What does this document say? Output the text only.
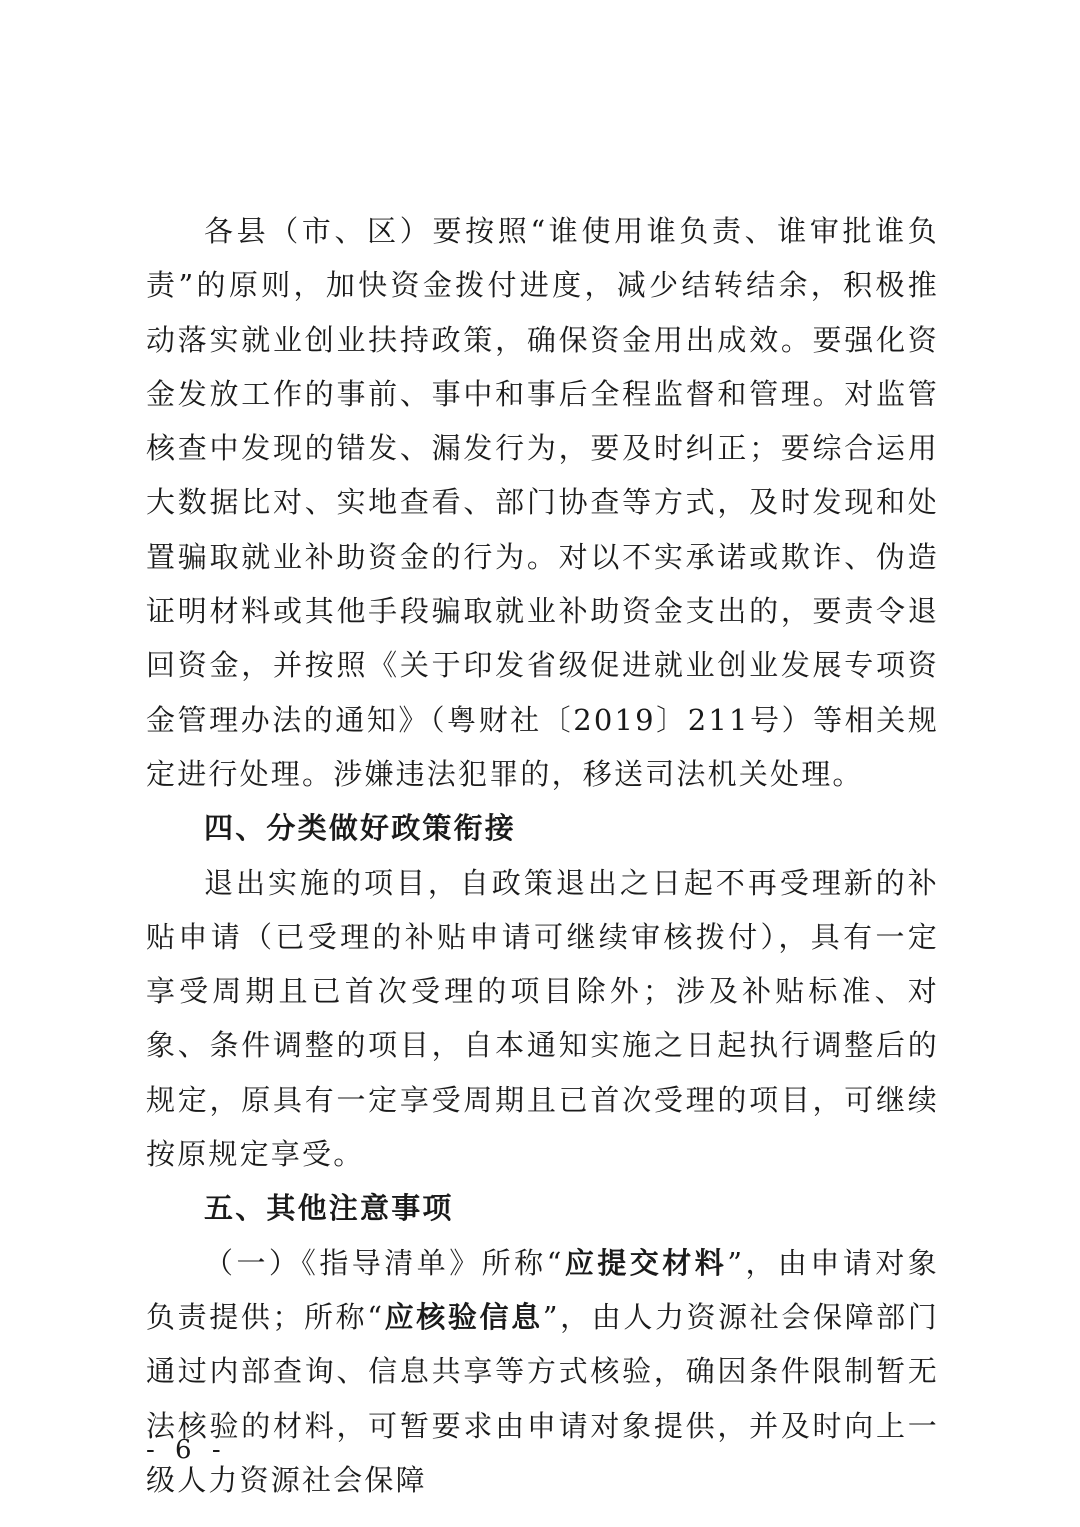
各县（市、区）要按照“谁使用谁负责、谁审批谁负责”的原则，加快资金拨付进度，减少结转结余，积极推动落实就业创业扶持政策，确保资金用出成效。要强化资金发放工作的事前、事中和事后全程监督和管理。对监管核查中发现的错发、漏发行为，要及时纠正；要综合运用大数据比对、实地查看、部门协查等方式，及时发现和处置骗取就业补助资金的行为。对以不实承诺或欺诈、伪造证明材料或其他手段骗取就业补助资金支出的，要责令退回资金，并按照《关于印发省级促进就业创业发展专项资金管理办法的通知》（粤财社〔2019〕211号）等相关规定进行处理。涉嫌违法犯罪的，移送司法机关处理。

四、分类做好政策衔接

退出实施的项目，自政策退出之日起不再受理新的补贴申请（已受理的补贴申请可继续审核拨付），具有一定享受周期且已首次受理的项目除外；涉及补贴标准、对象、条件调整的项目，自本通知实施之日起执行调整后的规定，原具有一定享受周期且已首次受理的项目，可继续按原规定享受。

五、其他注意事项

（一）《指导清单》所称“应提交材料”，由申请对象负责提供；所称“应核验信息”，由人力资源社会保障部门通过内部查询、信息共享等方式核验，确因条件限制暂无法核验的材料，可暂要求由申请对象提供，并及时向上一级人力资源社会保障

- 6 -
